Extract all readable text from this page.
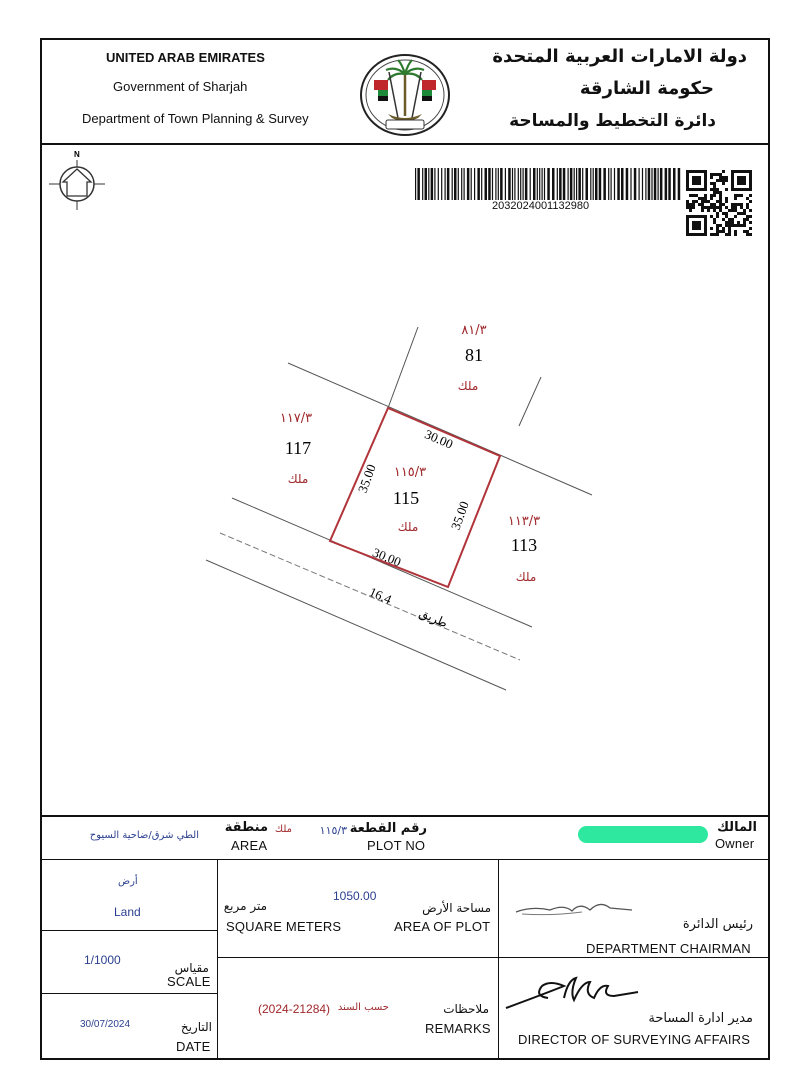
UNITED ARAB EMIRATES
Government of Sharjah
Department of Town Planning & Survey
دولة الامارات العربية المتحدة
حكومة الشارقة
دائرة التخطيط والمساحة
N
2032024001132980
30.00
30.00
35.00
35.00
١١٥/٣
115
ملك
٨١/٣
81
ملك
١١٧/٣
117
ملك
١١٣/٣
113
ملك
16.4
طريق
المالك
Owner
رقم القطعة
PLOT NO
١١٥/٣
ملك
منطقة
AREA
الطي شرق/ضاحية السيوح
أرض
Land
1050.00
مساحة الأرض
AREA OF PLOT
متر مربع
SQUARE METERS
1/1000
مقياس
SCALE
30/07/2024	التاريخ
DATE
ملاحظات
REMARKS
حسب السند
(2024-21284)
رئيس الدائرة
DEPARTMENT CHAIRMAN
مدير ادارة المساحة
DIRECTOR OF SURVEYING AFFAIRS
